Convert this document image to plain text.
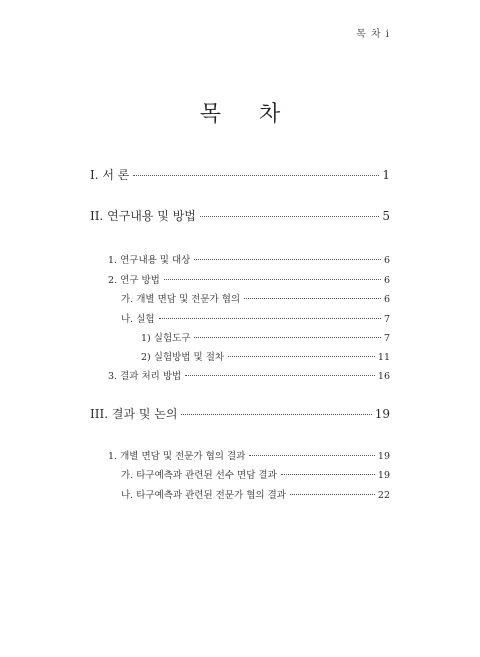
목 차 i
목 차
I. 서 론	1
II. 연구내용 및 방법	5
1. 연구내용 및 대상	6
2. 연구 방법	6
가. 개별 면담 및 전문가 협의	6
나. 실험	7
1) 실험도구	7
2) 실험방법 및 절차	11
3. 결과 처리 방법	16
III. 결과 및 논의	19
1. 개별 면담 및 전문가 협의 결과	19
가. 타구예측과 관련된 선수 면담 결과	19
나. 타구예측과 관련된 전문가 협의 결과	22
